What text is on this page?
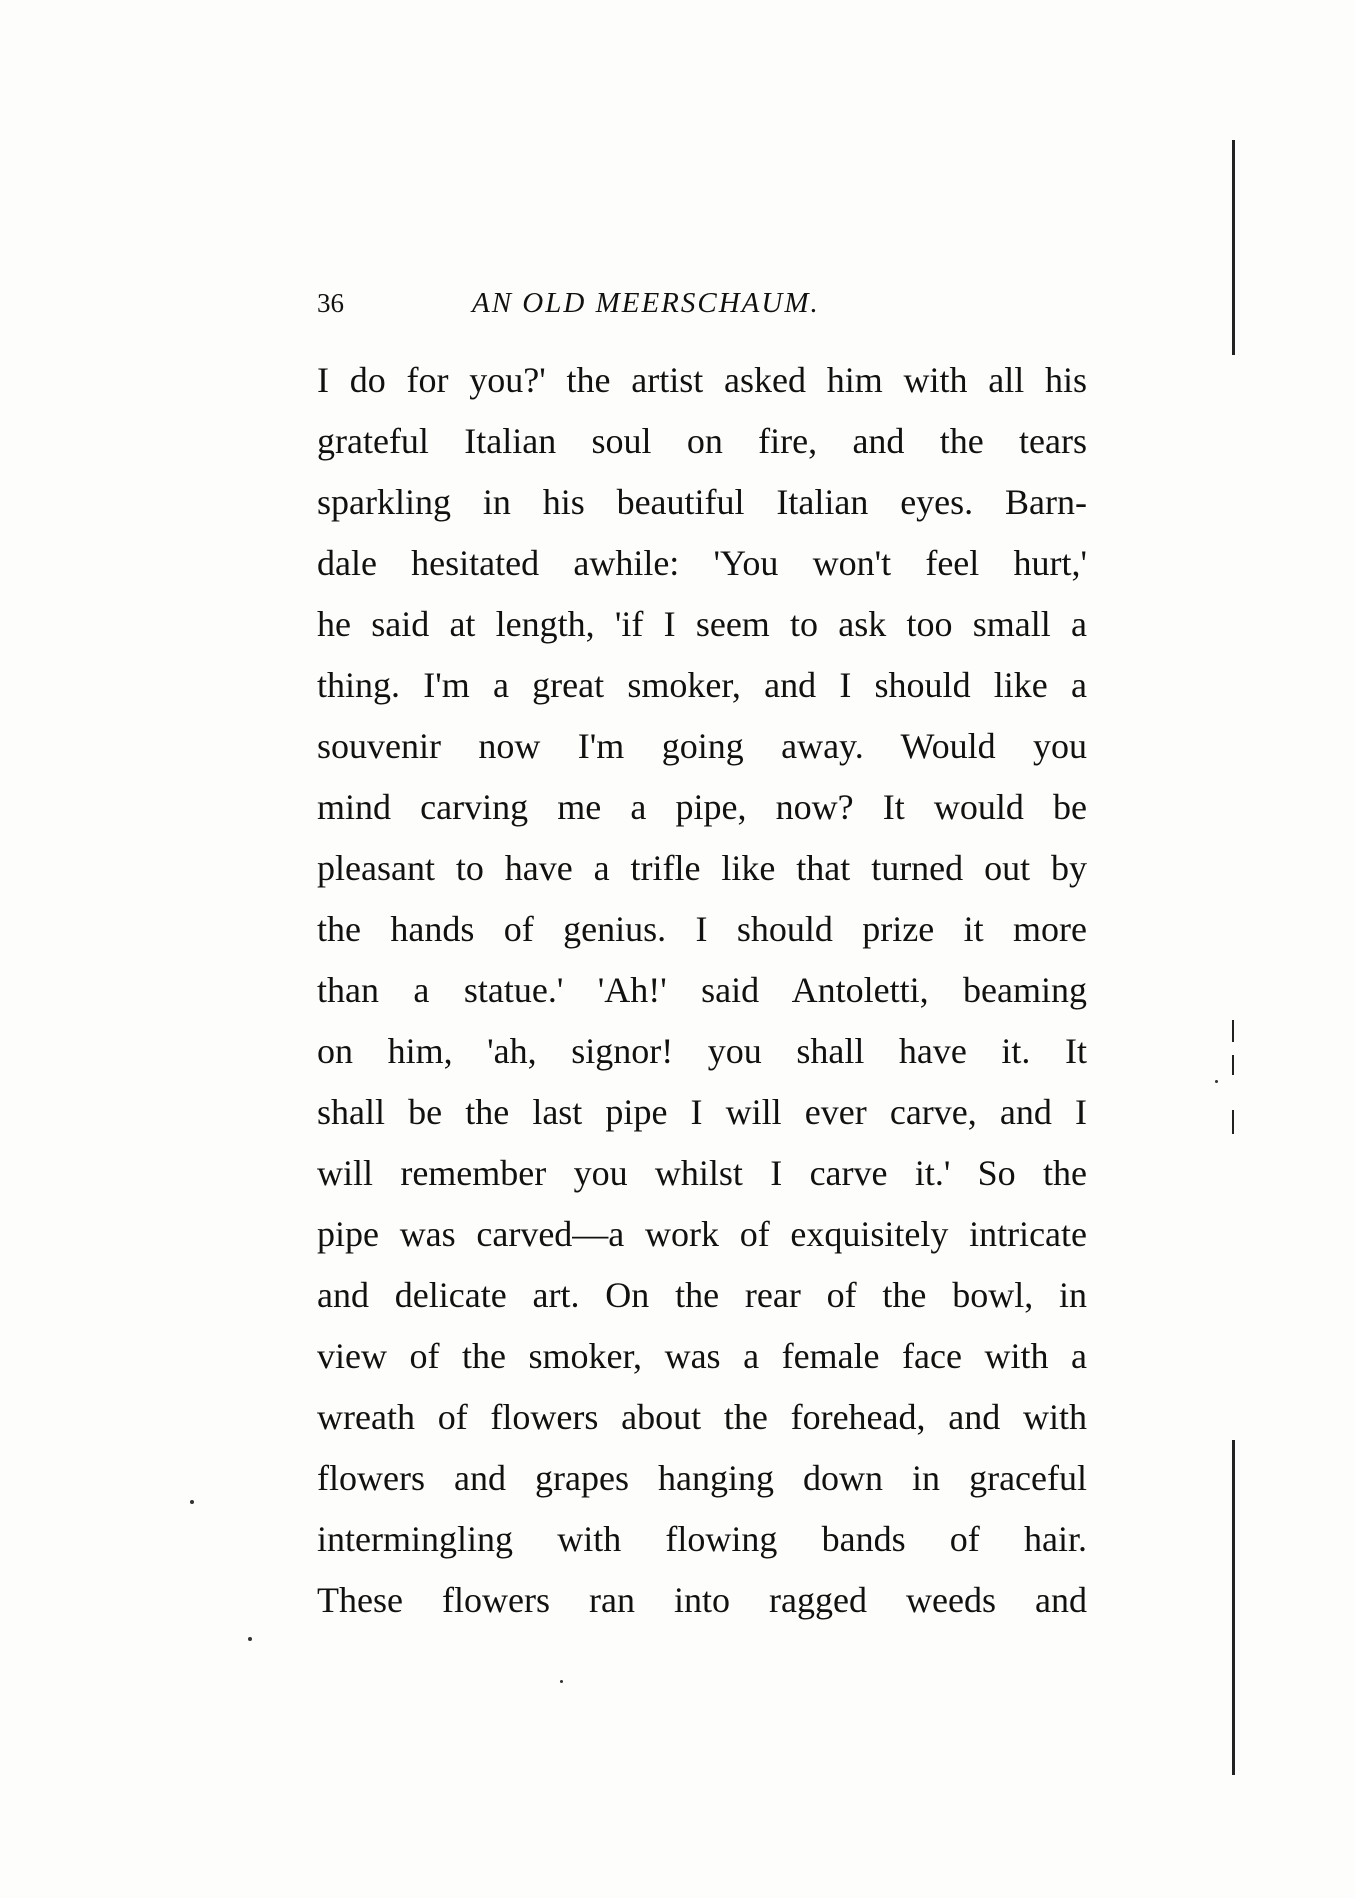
36	AN OLD MEERSCHAUM.
I do for you?' the artist asked him with all his
grateful Italian soul on fire, and the tears
sparkling in his beautiful Italian eyes. Barn-
dale hesitated awhile: 'You won't feel hurt,'
he said at length, 'if I seem to ask too small a
thing. I'm a great smoker, and I should like a
souvenir now I'm going away. Would you
mind carving me a pipe, now? It would be
pleasant to have a trifle like that turned out by
the hands of genius. I should prize it more
than a statue.' 'Ah!' said Antoletti, beaming
on him, 'ah, signor! you shall have it. It
shall be the last pipe I will ever carve, and I
will remember you whilst I carve it.' So the
pipe was carved—a work of exquisitely intricate
and delicate art. On the rear of the bowl, in
view of the smoker, was a female face with a
wreath of flowers about the forehead, and with
flowers and grapes hanging down in graceful
intermingling with flowing bands of hair.
These flowers ran into ragged weeds and
